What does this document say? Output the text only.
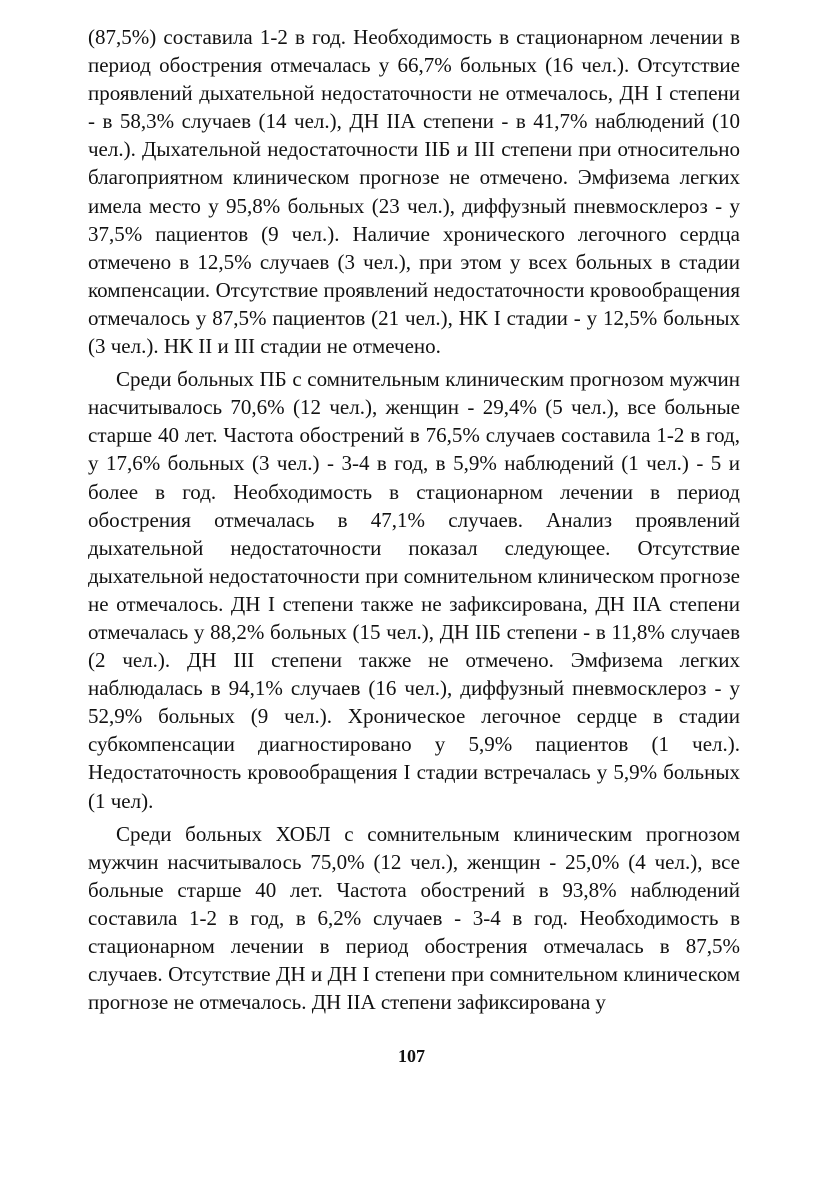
(87,5%) составила 1-2 в год. Необходимость в стационарном лечении в период обострения отмечалась у 66,7% больных (16 чел.). Отсутствие проявлений дыхательной недостаточности не отмечалось, ДН I степени - в 58,3% случаев (14 чел.), ДН IIА степени - в 41,7% наблюдений (10 чел.). Дыхательной недостаточности IIБ и III степени при относительно благоприятном клиническом прогнозе не отмечено. Эмфизема легких имела место у 95,8% больных (23 чел.), диффузный пневмосклероз - у 37,5% пациентов (9 чел.). Наличие хронического легочного сердца отмечено в 12,5% случаев (3 чел.), при этом у всех больных в стадии компенсации. Отсутствие проявлений недостаточности кровообращения отмечалось у 87,5% пациентов (21 чел.), НК I стадии - у 12,5% больных (3 чел.). НК II и III стадии не отмечено.

Среди больных ПБ с сомнительным клиническим прогнозом мужчин насчитывалось 70,6% (12 чел.), женщин - 29,4% (5 чел.), все больные старше 40 лет. Частота обострений в 76,5% случаев составила 1-2 в год, у 17,6% больных (3 чел.) - 3-4 в год, в 5,9% наблюдений (1 чел.) - 5 и более в год. Необходимость в стационарном лечении в период обострения отмечалась в 47,1% случаев. Анализ проявлений дыхательной недостаточности показал следующее. Отсутствие дыхательной недостаточности при сомнительном клиническом прогнозе не отмечалось. ДН I степени также не зафиксирована, ДН IIА степени отмечалась у 88,2% больных (15 чел.), ДН IIБ степени - в 11,8% случаев (2 чел.). ДН III степени также не отмечено. Эмфизема легких наблюдалась в 94,1% случаев (16 чел.), диффузный пневмосклероз - у 52,9% больных (9 чел.). Хроническое легочное сердце в стадии субкомпенсации диагностировано у 5,9% пациентов (1 чел.). Недостаточность кровообращения I стадии встречалась у 5,9% больных (1 чел).

Среди больных ХОБЛ с сомнительным клиническим прогнозом мужчин насчитывалось 75,0% (12 чел.), женщин - 25,0% (4 чел.), все больные старше 40 лет. Частота обострений в 93,8% наблюдений составила 1-2 в год, в 6,2% случаев - 3-4 в год. Необходимость в стационарном лечении в период обострения отмечалась в 87,5% случаев. Отсутствие ДН и ДН I степени при сомнительном клиническом прогнозе не отмечалось. ДН IIА степени зафиксирована у

107
